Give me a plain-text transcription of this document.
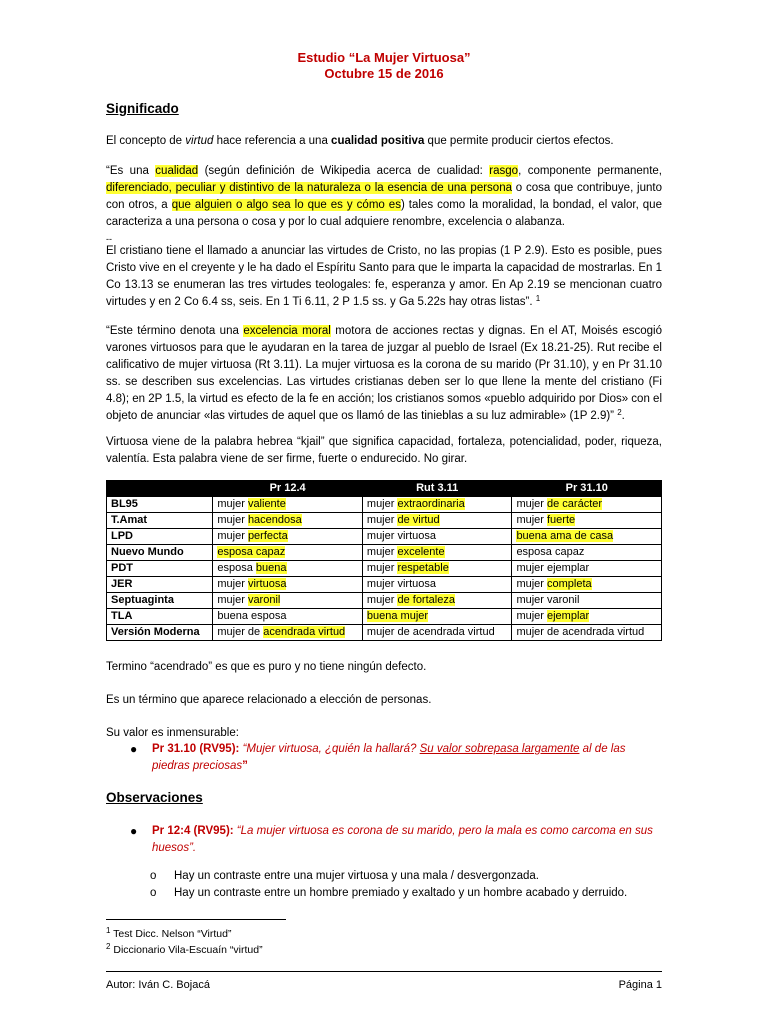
Estudio “La Mujer Virtuosa”
Octubre 15 de 2016
Significado
El concepto de virtud hace referencia a una cualidad positiva que permite producir ciertos efectos.
“Es una cualidad (según definición de Wikipedia acerca de cualidad: rasgo, componente permanente, diferenciado, peculiar y distintivo de la naturaleza o la esencia de una persona o cosa que contribuye, junto con otros, a que alguien o algo sea lo que es y cómo es) tales como la moralidad, la bondad, el valor, que caracteriza a una persona o cosa y por lo cual adquiere renombre, excelencia o alabanza.
--
El cristiano tiene el llamado a anunciar las virtudes de Cristo, no las propias (1 P 2.9). Esto es posible, pues Cristo vive en el creyente y le ha dado el Espíritu Santo para que le imparta la capacidad de mostrarlas. En 1 Co 13.13 se enumeran las tres virtudes teologales: fe, esperanza y amor. En Ap 2.19 se mencionan cuatro virtudes y en 2 Co 6.4 ss, seis. En 1 Ti 6.11, 2 P 1.5 ss. y Ga 5.22s hay otras listas”. $^1$
“Este término denota una excelencia moral motora de acciones rectas y dignas. En el AT, Moisés escogió varones virtuosos para que le ayudaran en la tarea de juzgar al pueblo de Israel (Ex 18.21-25). Rut recibe el calificativo de mujer virtuosa (Rt 3.11). La mujer virtuosa es la corona de su marido (Pr 31.10), y en Pr 31.10 ss. se describen sus excelencias. Las virtudes cristianas deben ser lo que llene la mente del cristiano (Fi 4.8); en 2P 1.5, la virtud es efecto de la fe en acción; los cristianos somos «pueblo adquirido por Dios» con el objeto de anunciar «las virtudes de aquel que os llamó de las tinieblas a su luz admirable» (1P 2.9)” $^2$.
Virtuosa viene de la palabra hebrea “kjail” que significa capacidad, fortaleza, potencialidad, poder, riqueza, valentía. Esta palabra viene de ser firme, fuerte o endurecido. No girar.
	Pr 12.4	Rut 3.11	Pr 31.10
BL95	mujer valiente	mujer extraordinaria	mujer de carácter
T.Amat	mujer hacendosa	mujer de virtud	mujer fuerte
LPD	mujer perfecta	mujer virtuosa	buena ama de casa
Nuevo Mundo	esposa capaz	mujer excelente	esposa capaz
PDT	esposa buena	mujer respetable	mujer ejemplar
JER	mujer virtuosa	mujer virtuosa	mujer completa
Septuaginta	mujer varonil	mujer de fortaleza	mujer varonil
TLA	buena esposa	buena mujer	mujer ejemplar
Versión Moderna	mujer de acendrada virtud	mujer de acendrada virtud	mujer de acendrada virtud
Termino “acendrado” es que es puro y no tiene ningún defecto.
Es un término que aparece relacionado a elección de personas.
Su valor es inmensurable:
● Pr 31.10 (RV95): “Mujer virtuosa, ¿quién la hallará? Su valor sobrepasa largamente al de las piedras preciosas”
Observaciones
● Pr 12:4 (RV95): “La mujer virtuosa es corona de su marido, pero la mala es como carcoma en sus huesos”.
o Hay un contraste entre una mujer virtuosa y una mala / desvergonzada.
o Hay un contraste entre un hombre premiado y exaltado y un hombre acabado y derruido.
$^1$ Test Dicc. Nelson “Virtud”
$^2$ Diccionario Vila-Escuaín “virtud”
Autor: Iván C. Bojacá	Página 1
